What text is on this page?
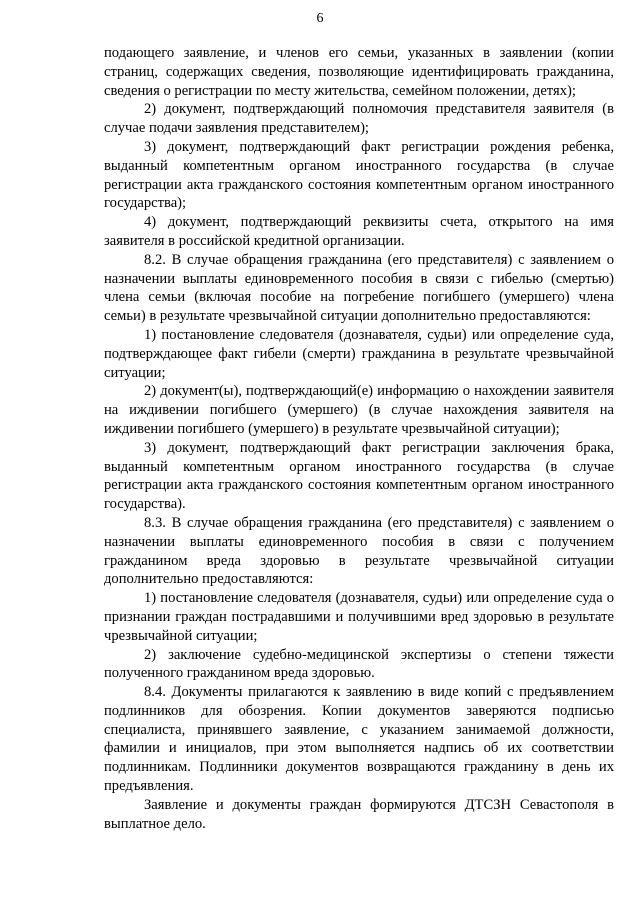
6

подающего заявление, и членов его семьи, указанных в заявлении (копии страниц, содержащих сведения, позволяющие идентифицировать гражданина, сведения о регистрации по месту жительства, семейном положении, детях);

2) документ, подтверждающий полномочия представителя заявителя (в случае подачи заявления представителем);

3) документ, подтверждающий факт регистрации рождения ребенка, выданный компетентным органом иностранного государства (в случае регистрации акта гражданского состояния компетентным органом иностранного государства);

4) документ, подтверждающий реквизиты счета, открытого на имя заявителя в российской кредитной организации.

8.2. В случае обращения гражданина (его представителя) с заявлением о назначении выплаты единовременного пособия в связи с гибелью (смертью) члена семьи (включая пособие на погребение погибшего (умершего) члена семьи) в результате чрезвычайной ситуации дополнительно предоставляются:

1) постановление следователя (дознавателя, судьи) или определение суда, подтверждающее факт гибели (смерти) гражданина в результате чрезвычайной ситуации;

2) документ(ы), подтверждающий(е) информацию о нахождении заявителя на иждивении погибшего (умершего) (в случае нахождения заявителя на иждивении погибшего (умершего) в результате чрезвычайной ситуации);

3) документ, подтверждающий факт регистрации заключения брака, выданный компетентным органом иностранного государства (в случае регистрации акта гражданского состояния компетентным органом иностранного государства).

8.3. В случае обращения гражданина (его представителя) с заявлением о назначении выплаты единовременного пособия в связи с получением гражданином вреда здоровью в результате чрезвычайной ситуации дополнительно предоставляются:

1) постановление следователя (дознавателя, судьи) или определение суда о признании граждан пострадавшими и получившими вред здоровью в результате чрезвычайной ситуации;

2) заключение судебно-медицинской экспертизы о степени тяжести полученного гражданином вреда здоровью.

8.4. Документы прилагаются к заявлению в виде копий с предъявлением подлинников для обозрения. Копии документов заверяются подписью специалиста, принявшего заявление, с указанием занимаемой должности, фамилии и инициалов, при этом выполняется надпись об их соответствии подлинникам. Подлинники документов возвращаются гражданину в день их предъявления.

Заявление и документы граждан формируются ДТСЗН Севастополя в выплатное дело.
